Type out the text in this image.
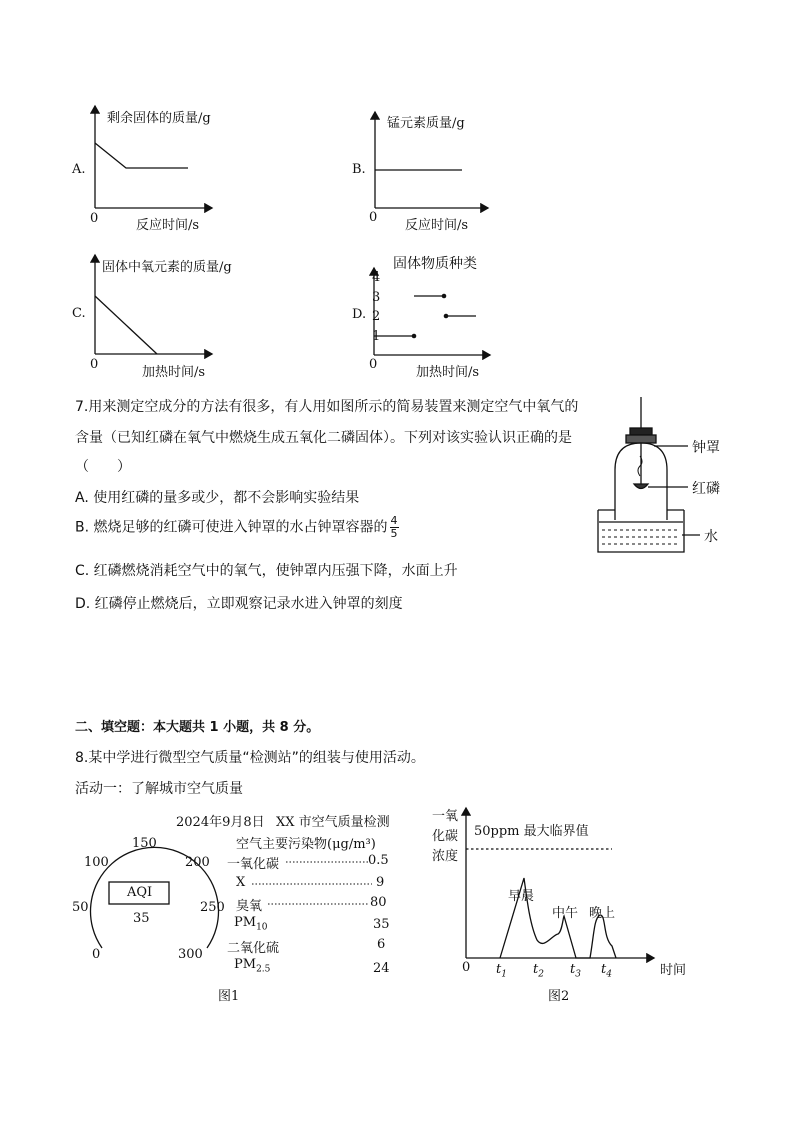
A.
剩余固体的质量/g
0	反应时间/s
B.
锰元素质量/g
0
反应时间/s
C.
固体中氧元素的质量/g
0
加热时间/s
D.
固体物质种类
4
3
2
1
0
加热时间/s
7.用来测定空成分的方法有很多，有人用如图所示的简易装置来测定空气中氧气的
含量（已知红磷在氧气中燃烧生成五氧化二磷固体）。下列对该实验认识正确的是
（　　）
A. 使用红磷的量多或少，都不会影响实验结果
B. 燃烧足够的红磷可使进入钟罩的水占钟罩容器的 $\frac{4}{5}$
C. 红磷燃烧消耗空气中的氧气，使钟罩内压强下降，水面上升
D. 红磷停止燃烧后，立即观察记录水进入钟罩的刻度
钟罩
红磷
水
二、填空题：本大题共 1 小题，共 8 分。
8.某中学进行微型空气质量“检测站”的组装与使用活动。
活动一：了解城市空气质量
2024年9月8日 XX 市空气质量检测
空气主要污染物(μg/m³)
0
50
100
150
200
250
300
AQI
35
一氧化碳	0.5
X	9
臭氧	80
$PM_{10}$	35
二氧化硫	6
$PM_{2.5}$	24
图1
一氧
化碳
浓度
50ppm 最大临界值
0	时间
早晨
中午 晚上
$t_1$ $t_2$ $t_3$ $t_4$
图2
